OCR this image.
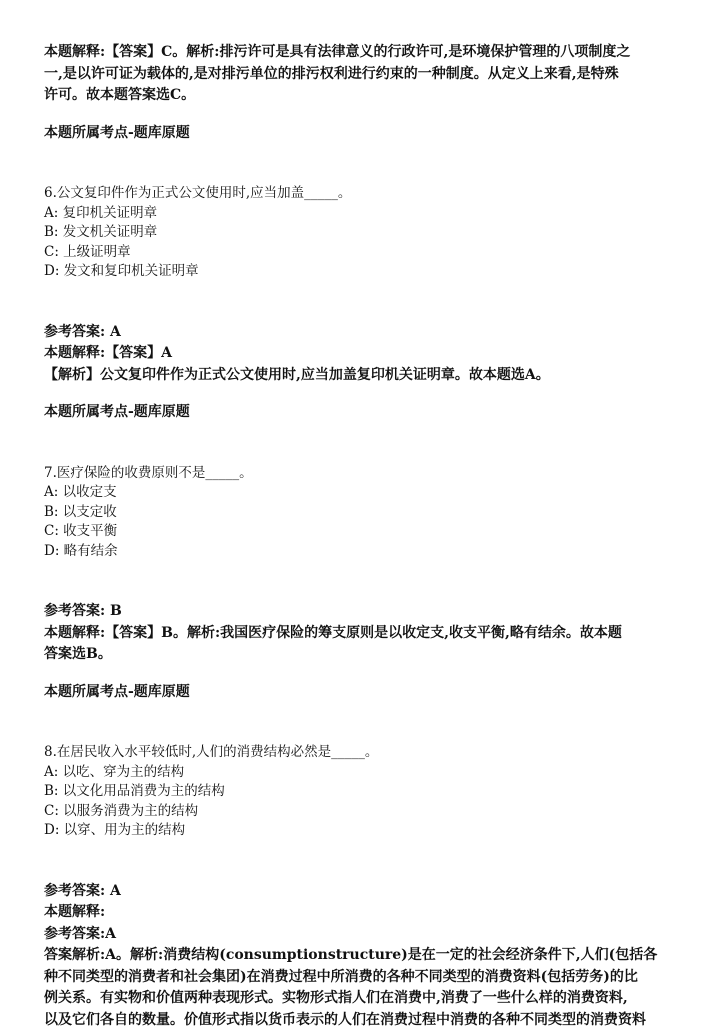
本题解释:【答案】C。解析:排污许可是具有法律意义的行政许可,是环境保护管理的八项制度之

一,是以许可证为载体的,是对排污单位的排污权利进行约束的一种制度。从定义上来看,是特殊

许可。故本题答案选C。

本题所属考点-题库原题

6.公文复印件作为正式公文使用时,应当加盖_____。

A: 复印机关证明章

B: 发文机关证明章

C: 上级证明章

D: 发文和复印机关证明章

参考答案: A

本题解释:【答案】A

【解析】公文复印件作为正式公文使用时,应当加盖复印机关证明章。故本题选A。

本题所属考点-题库原题

7.医疗保险的收费原则不是_____。

A: 以收定支

B: 以支定收

C: 收支平衡

D: 略有结余

参考答案: B

本题解释:【答案】B。解析:我国医疗保险的筹支原则是以收定支,收支平衡,略有结余。故本题

答案选B。

本题所属考点-题库原题

8.在居民收入水平较低时,人们的消费结构必然是_____。

A: 以吃、穿为主的结构

B: 以文化用品消费为主的结构

C: 以服务消费为主的结构

D: 以穿、用为主的结构

参考答案: A

本题解释:

参考答案:A

答案解析:A。解析:消费结构(consumptionstructure)是在一定的社会经济条件下,人们(包括各

种不同类型的消费者和社会集团)在消费过程中所消费的各种不同类型的消费资料(包括劳务)的比

例关系。有实物和价值两种表现形式。实物形式指人们在消费中,消费了一些什么样的消费资料,

以及它们各自的数量。价值形式指以货币表示的人们在消费过程中消费的各种不同类型的消费资料
